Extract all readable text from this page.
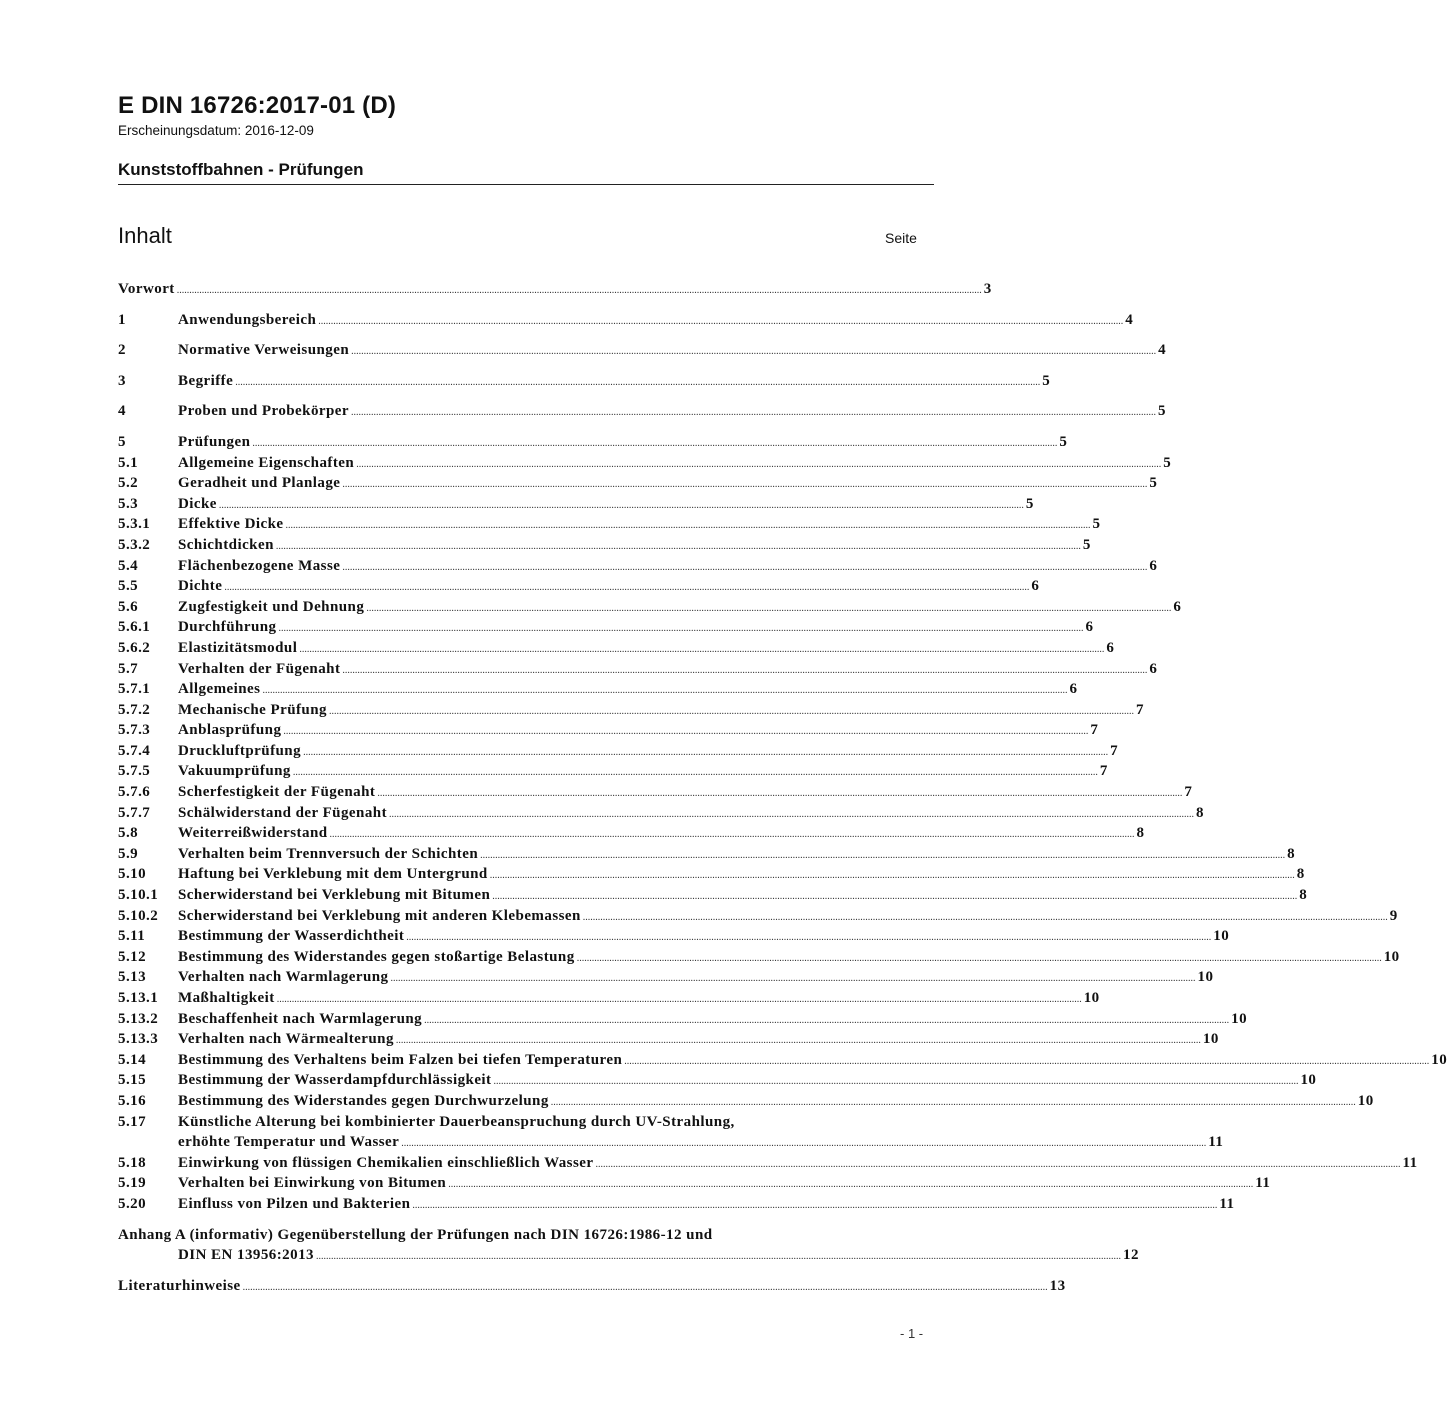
E DIN 16726:2017-01 (D)
Erscheinungsdatum: 2016-12-09
Kunststoffbahnen - Prüfungen
Inhalt	Seite
Vorwort .....	3
1	Anwendungsbereich .....	4
2	Normative Verweisungen .....	4
3	Begriffe .....	5
4	Proben und Probekörper .....	5
5	Prüfungen .....	5
5.1	Allgemeine Eigenschaften .....	5
5.2	Geradheit und Planlage .....	5
5.3	Dicke .....	5
5.3.1 Effektive Dicke .....	5
5.3.2 Schichtdicken .....	5
5.4	Flächenbezogene Masse .....	6
5.5	Dichte .....	6
5.6	Zugfestigkeit und Dehnung .....	6
5.6.1 Durchführung .....	6
5.6.2 Elastizitätsmodul .....	6
5.7	Verhalten der Fügenaht .....	6
5.7.1 Allgemeines .....	6
5.7.2 Mechanische Prüfung .....	7
5.7.3 Anblasprüfung .....	7
5.7.4 Druckluftprüfung .....	7
5.7.5 Vakuumprüfung .....	7
5.7.6 Scherfestigkeit der Fügenaht .....	7
5.7.7 Schälwiderstand der Fügenaht .....	8
5.8	Weiterreißwiderstand .....	8
5.9	Verhalten beim Trennversuch der Schichten .....	8
5.10 Haftung bei Verklebung mit dem Untergrund .....	8
5.10.1 Scherwiderstand bei Verklebung mit Bitumen .....	8
5.10.2 Scherwiderstand bei Verklebung mit anderen Klebemassen .....	9
5.11 Bestimmung der Wasserdichtheit .....	10
5.12 Bestimmung des Widerstandes gegen stoßartige Belastung .....	10
5.13 Verhalten nach Warmlagerung .....	10
5.13.1 Maßhaltigkeit .....	10
5.13.2 Beschaffenheit nach Warmlagerung .....	10
5.13.3 Verhalten nach Wärmealterung .....	10
5.14 Bestimmung des Verhaltens beim Falzen bei tiefen Temperaturen .....	10
5.15 Bestimmung der Wasserdampfdurchlässigkeit .....	10
5.16 Bestimmung des Widerstandes gegen Durchwurzelung .....	10
5.17 Künstliche Alterung bei kombinierter Dauerbeanspruchung durch UV-Strahlung,
erhöhte Temperatur und Wasser .....	11
5.18 Einwirkung von flüssigen Chemikalien einschließlich Wasser .....	11
5.19 Verhalten bei Einwirkung von Bitumen .....	11
5.20 Einfluss von Pilzen und Bakterien .....	11
Anhang A (informativ) Gegenüberstellung der Prüfungen nach DIN 16726:1986-12 und
DIN EN 13956:2013 .....	12
Literaturhinweise .....	13
- 1 -
